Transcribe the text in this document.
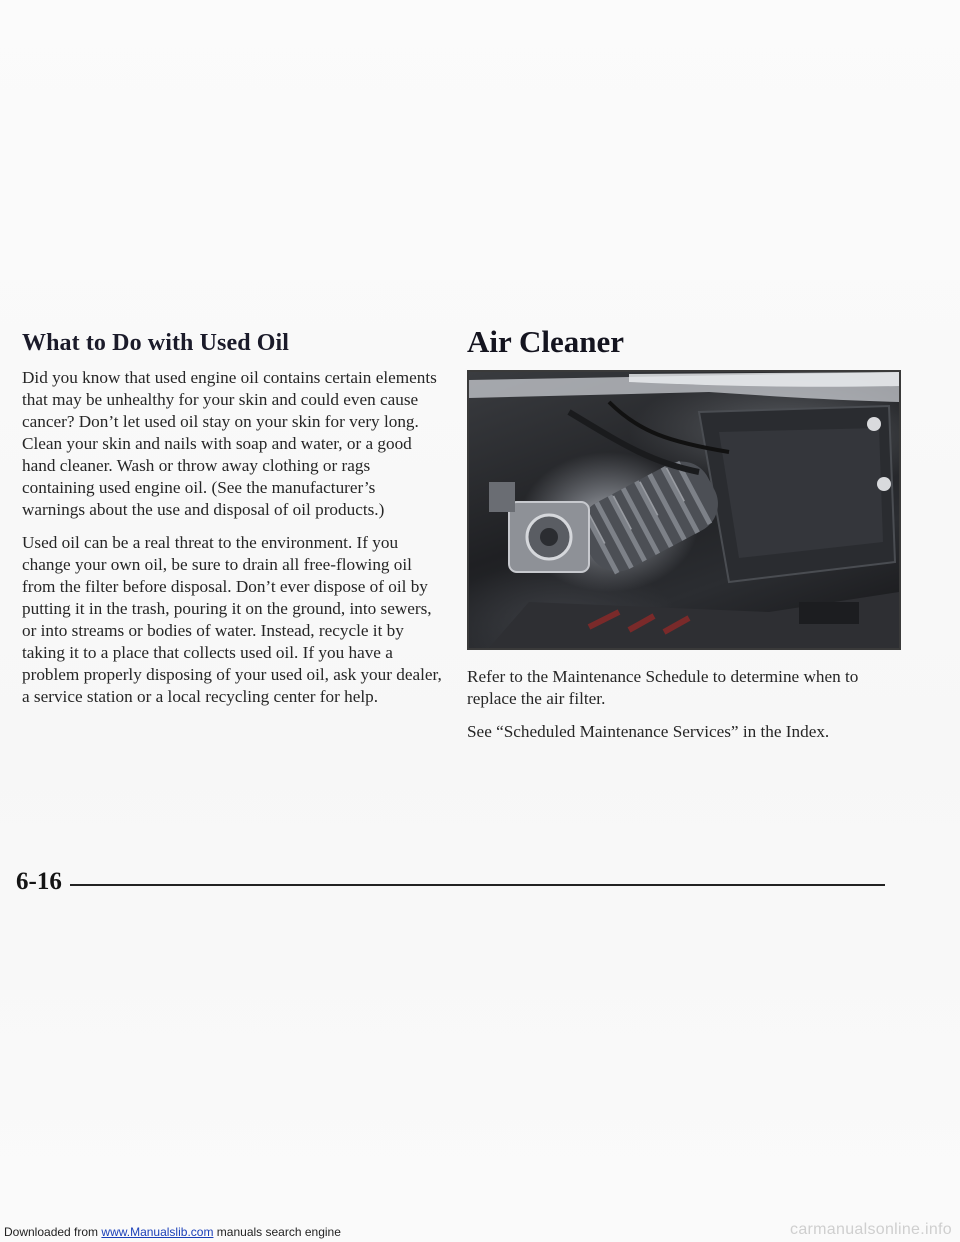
What to Do with Used Oil

Did you know that used engine oil contains certain elements that may be unhealthy for your skin and could even cause cancer? Don’t let used oil stay on your skin for very long. Clean your skin and nails with soap and water, or a good hand cleaner. Wash or throw away clothing or rags containing used engine oil. (See the manufacturer’s warnings about the use and disposal of oil products.)

Used oil can be a real threat to the environment. If you change your own oil, be sure to drain all free-flowing oil from the filter before disposal. Don’t ever dispose of oil by putting it in the trash, pouring it on the ground, into sewers, or into streams or bodies of water. Instead, recycle it by taking it to a place that collects used oil. If you have a problem properly disposing of your used oil, ask your dealer, a service station or a local recycling center for help.

Air Cleaner

Refer to the Maintenance Schedule to determine when to replace the air filter.

See “Scheduled Maintenance Services” in the Index.

6-16
Downloaded from www.Manualslib.com manuals search engine	carmanualsonline.info
